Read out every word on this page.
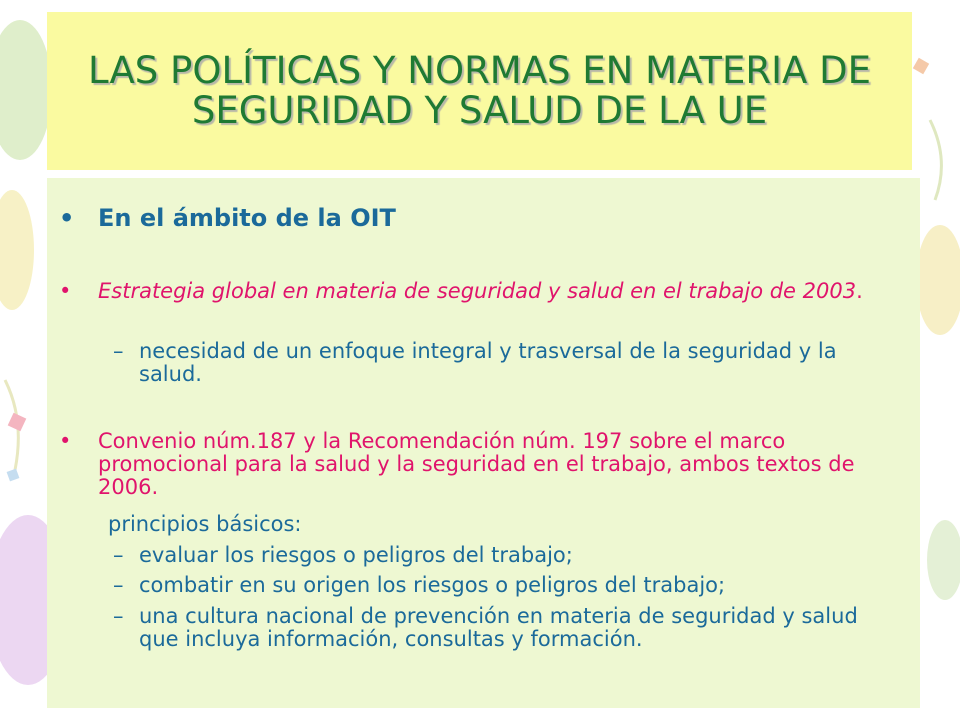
LAS POLÍTICAS Y NORMAS EN MATERIA DE SEGURIDAD Y SALUD DE LA UE
• En el ámbito de la OIT
• Estrategia global en materia de seguridad y salud en el trabajo de 2003.
– necesidad de un enfoque integral y trasversal de la seguridad y la salud.
• Convenio núm.187 y la Recomendación núm. 197 sobre el marco promocional para la salud y la seguridad en el trabajo, ambos textos de 2006.
principios básicos:
– evaluar los riesgos o peligros del trabajo;
– combatir en su origen los riesgos o peligros del trabajo;
– una cultura nacional de prevención en materia de seguridad y salud que incluya información, consultas y formación.
